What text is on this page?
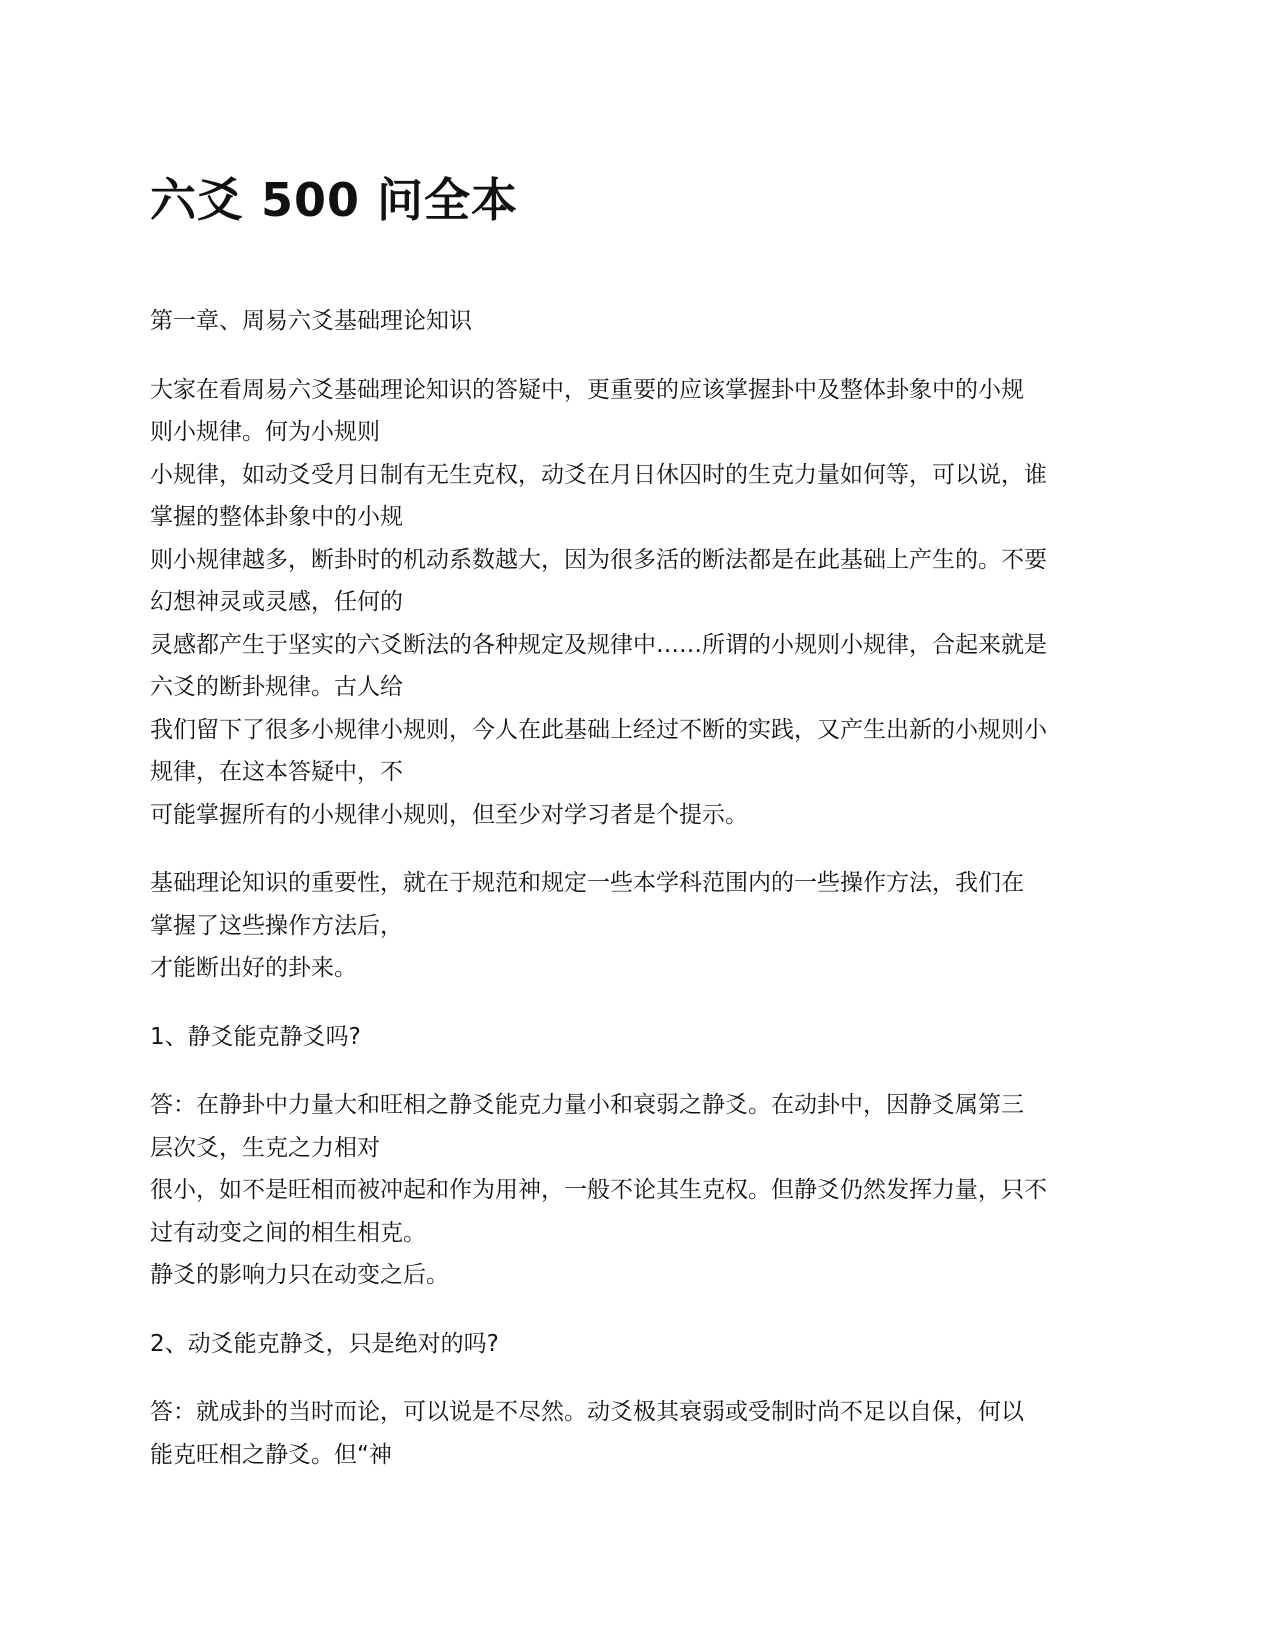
六爻 500 问全本

第一章、周易六爻基础理论知识

大家在看周易六爻基础理论知识的答疑中，更重要的应该掌握卦中及整体卦象中的小规
则小规律。何为小规则
小规律，如动爻受月日制有无生克权，动爻在月日休囚时的生克力量如何等，可以说，谁
掌握的整体卦象中的小规
则小规律越多，断卦时的机动系数越大，因为很多活的断法都是在此基础上产生的。不要
幻想神灵或灵感，任何的
灵感都产生于坚实的六爻断法的各种规定及规律中……所谓的小规则小规律，合起来就是
六爻的断卦规律。古人给
我们留下了很多小规律小规则，今人在此基础上经过不断的实践，又产生出新的小规则小
规律，在这本答疑中，不
可能掌握所有的小规律小规则，但至少对学习者是个提示。

基础理论知识的重要性，就在于规范和规定一些本学科范围内的一些操作方法，我们在
掌握了这些操作方法后，
才能断出好的卦来。

1、静爻能克静爻吗?

答：在静卦中力量大和旺相之静爻能克力量小和衰弱之静爻。在动卦中，因静爻属第三
层次爻，生克之力相对
很小，如不是旺相而被冲起和作为用神，一般不论其生克权。但静爻仍然发挥力量，只不
过有动变之间的相生相克。
静爻的影响力只在动变之后。

2、动爻能克静爻，只是绝对的吗?

答：就成卦的当时而论，可以说是不尽然。动爻极其衰弱或受制时尚不足以自保，何以
能克旺相之静爻。但“神
